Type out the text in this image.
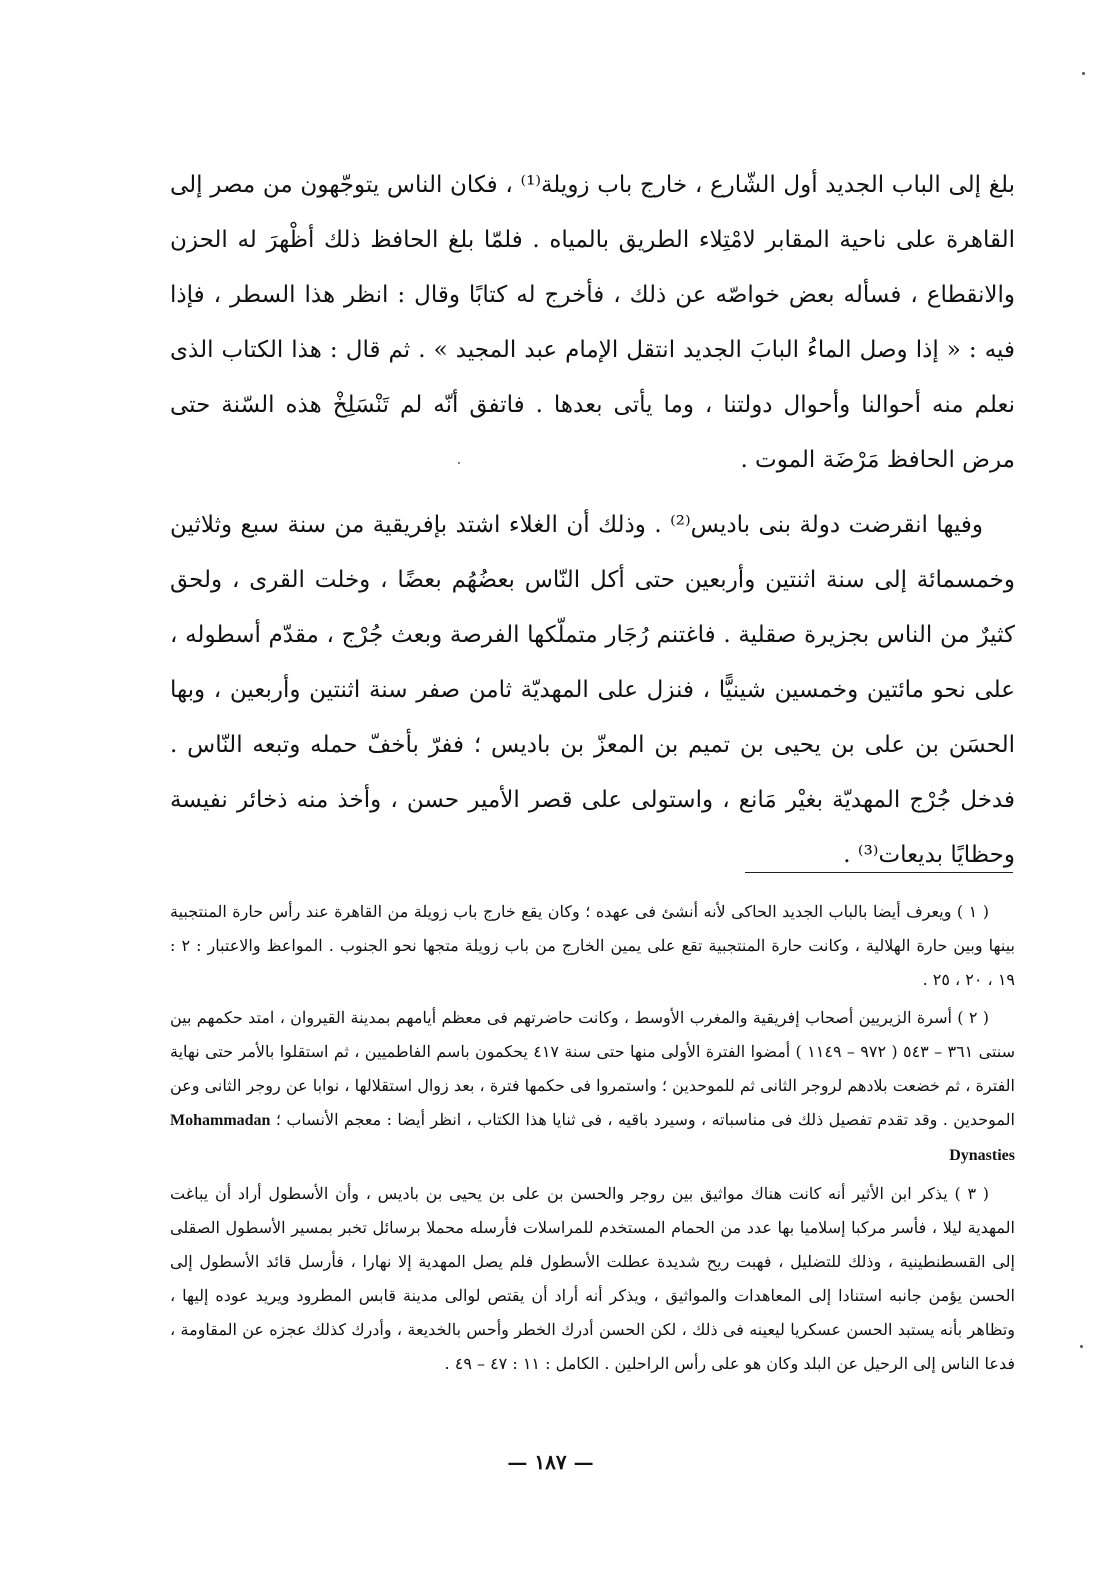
بلغ إلى الباب الجديد أول الشّارع ، خارج باب زويلة⁽¹⁾ ، فكان الناس يتوجّهون من مصر إلى القاهرة على ناحية المقابر لامْتِلاء الطريق بالمياه . فلمّا بلغ الحافظ ذلك أظْهرَ له الحزن والانقطاع ، فسأله بعض خواصّه عن ذلك ، فأخرج له كتابًا وقال : انظر هذا السطر ، فإذا فيه : « إذا وصل الماءُ البابَ الجديد انتقل الإمام عبد المجيد » . ثم قال : هذا الكتاب الذى نعلم منه أحوالنا وأحوال دولتنا ، وما يأتى بعدها . فاتفق أنّه لم تَنْسَلِخْ هذه السّنة حتى مرض الحافظ مَرْضَة الموت .

وفيها انقرضت دولة بنى باديس⁽²⁾ . وذلك أن الغلاء اشتد بإفريقية من سنة سبع وثلاثين وخمسمائة إلى سنة اثنتين وأربعين حتى أكل النّاس بعضُهُم بعضًا ، وخلت القرى ، ولحق كثيرٌ من الناس بجزيرة صقلية . فاغتنم رُجَار متملّكها الفرصة وبعث جُرْج ، مقدّم أسطوله ، على نحو مائتين وخمسين شينيًّا ، فنزل على المهديّة ثامن صفر سنة اثنتين وأربعين ، وبها الحسَن بن على بن يحيى بن تميم بن المعزّ بن باديس ؛ ففرّ بأخفّ حمله وتبعه النّاس . فدخل جُرْج المهديّة بغيْر مَانع ، واستولى على قصر الأمير حسن ، وأخذ منه ذخائر نفيسة وحظايًا بديعات⁽³⁾ .

( ١ ) ويعرف أيضا بالباب الجديد الحاكى لأنه أنشئ فى عهده ؛ وكان يقع خارج باب زويلة من القاهرة عند رأس حارة المنتجبية بينها وبين حارة الهلالية ، وكانت حارة المنتجبية تقع على يمين الخارج من باب زويلة متجها نحو الجنوب . المواعظ والاعتبار : ٢ : ١٩ ، ٢٠ ، ٢٥ .

( ٢ ) أسرة الزيريين أصحاب إفريقية والمغرب الأوسط ، وكانت حاضرتهم فى معظم أيامهم بمدينة القيروان ، امتد حكمهم بين سنتى ٣٦١ – ٥٤٣ ( ٩٧٢ – ١١٤٩ ) أمضوا الفترة الأولى منها حتى سنة ٤١٧ يحكمون باسم الفاطميين ، ثم استقلوا بالأمر حتى نهاية الفترة ، ثم خضعت بلادهم لروجر الثانى ثم للموحدين ؛ واستمروا فى حكمها فترة ، بعد زوال استقلالها ، نوابا عن روجر الثانى وعن الموحدين . وقد تقدم تفصيل ذلك فى مناسباته ، وسيرد باقيه ، فى ثنايا هذا الكتاب ، انظر أيضا : معجم الأنساب ؛ Mohammadan Dynasties

( ٣ ) يذكر ابن الأثير أنه كانت هناك مواثيق بين روجر والحسن بن على بن يحيى بن باديس ، وأن الأسطول أراد أن يباغت المهدية ليلا ، فأسر مركبا إسلاميا بها عدد من الحمام المستخدم للمراسلات فأرسله محملا برسائل تخبر بمسير الأسطول الصقلى إلى القسطنطينية ، وذلك للتضليل ، فهبت ريح شديدة عطلت الأسطول فلم يصل المهدية إلا نهارا ، فأرسل قائد الأسطول إلى الحسن يؤمن جانبه استنادا إلى المعاهدات والمواثيق ، ويذكر أنه أراد أن يقتص لوالى مدينة قابس المطرود ويريد عوده إليها ، وتظاهر بأنه يستبد الحسن عسكريا ليعينه فى ذلك ، لكن الحسن أدرك الخطر وأحس بالخديعة ، وأدرك كذلك عجزه عن المقاومة ، فدعا الناس إلى الرحيل عن البلد وكان هو على رأس الراحلين . الكامل : ١١ : ٤٧ – ٤٩ .

— ١٨٧ —
